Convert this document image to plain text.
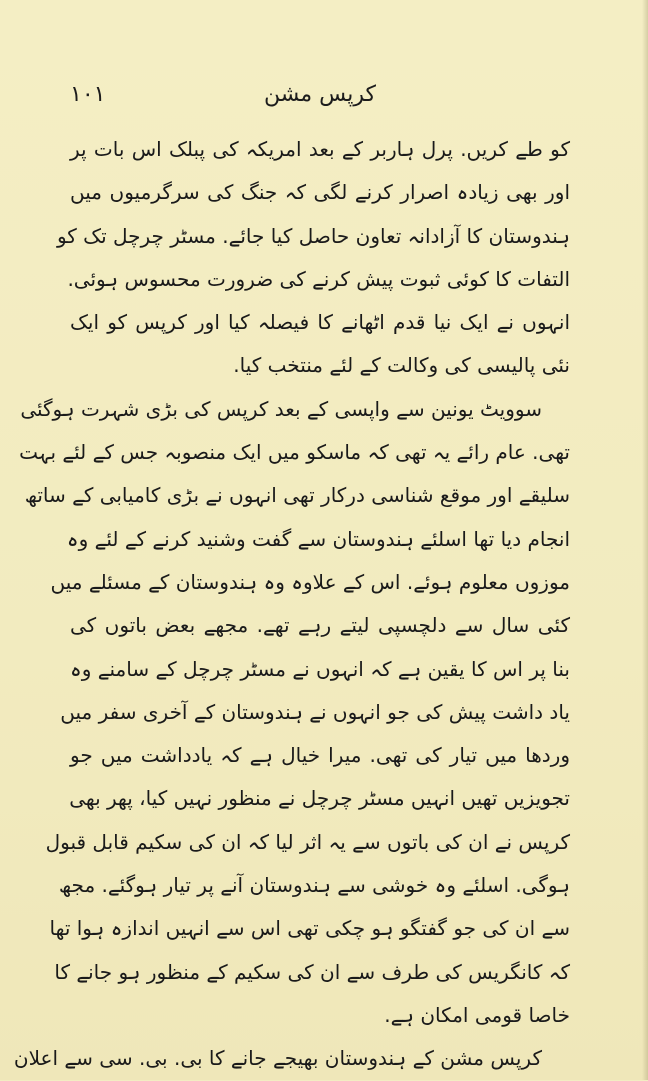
۱۰۱	کرپس مشن
کو طے کریں. پرل ہاربر کے بعد امریکہ کی پبلک اس بات پر
اور بھی زیادہ اصرار کرنے لگی کہ جنگ کی سرگرمیوں میں
ہندوستان کا آزادانہ تعاون حاصل کیا جائے. مسٹر چرچل تک کو
التفات کا کوئی ثبوت پیش کرنے کی ضرورت محسوس ہوئی.
انہوں نے ایک نیا قدم اٹھانے کا فیصلہ کیا اور کرپس کو ایک
نئی پالیسی کی وکالت کے لئے منتخب کیا.
سوویٹ یونین سے واپسی کے بعد کرپس کی بڑی شہرت ہوگئی
تھی. عام رائے یہ تھی کہ ماسکو میں ایک منصوبہ جس کے لئے بہت
سلیقے اور موقع شناسی درکار تھی انہوں نے بڑی کامیابی کے ساتھ
انجام دیا تھا اسلئے ہندوستان سے گفت وشنید کرنے کے لئے وہ
موزوں معلوم ہوئے. اس کے علاوہ وہ ہندوستان کے مسئلے میں
کئی سال سے دلچسپی لیتے رہے تھے. مجھے بعض باتوں کی
بنا پر اس کا یقین ہے کہ انہوں نے مسٹر چرچل کے سامنے وہ
یاد داشت پیش کی جو انہوں نے ہندوستان کے آخری سفر میں
وردھا میں تیار کی تھی. میرا خیال ہے کہ یادداشت میں جو
تجویزیں تھیں انہیں مسٹر چرچل نے منظور نہیں کیا، پھر بھی
کرپس نے ان کی باتوں سے یہ اثر لیا کہ ان کی سکیم قابل قبول
ہوگی. اسلئے وہ خوشی سے ہندوستان آنے پر تیار ہوگئے. مجھ
سے ان کی جو گفتگو ہو چکی تھی اس سے انہیں اندازہ ہوا تھا
کہ کانگریس کی طرف سے ان کی سکیم کے منظور ہو جانے کا
خاصا قومی امکان ہے.
کرپس مشن کے ہندوستان بھیجے جانے کا بی. بی. سی سے اعلان
